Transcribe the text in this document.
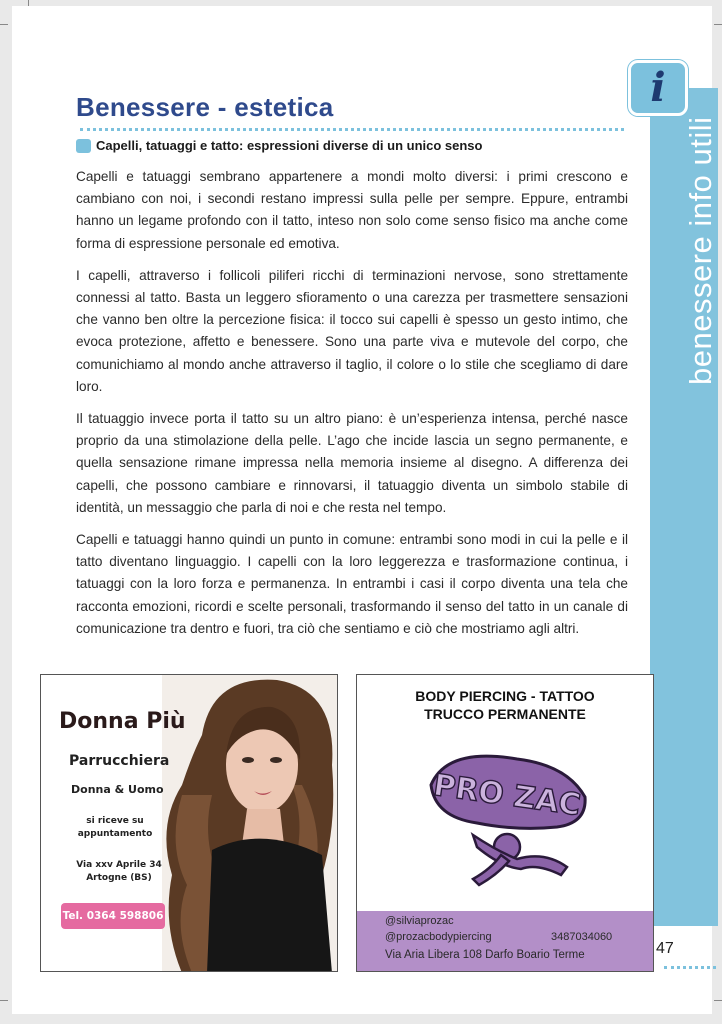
i
benessere info utili
Benessere - estetica
Capelli, tatuaggi e tatto: espressioni diverse di un unico senso

Capelli e tatuaggi sembrano appartenere a mondi molto diversi: i primi crescono e cambiano con noi, i secondi restano impressi sulla pelle per sempre. Eppure, entrambi hanno un legame profondo con il tatto, inteso non solo come senso fisico ma anche come forma di espressione personale ed emotiva.

I capelli, attraverso i follicoli piliferi ricchi di terminazioni nervose, sono strettamente connessi al tatto. Basta un leggero sfioramento o una carezza per trasmettere sensazioni che vanno ben oltre la percezione fisica: il tocco sui capelli è spesso un gesto intimo, che evoca protezione, affetto e benessere. Sono una parte viva e mutevole del corpo, che comunichiamo al mondo anche attraverso il taglio, il colore o lo stile che scegliamo di dare loro.

Il tatuaggio invece porta il tatto su un altro piano: è un’esperienza intensa, perché nasce proprio da una stimolazione della pelle. L’ago che incide lascia un segno permanente, e quella sensazione rimane impressa nella memoria insieme al disegno. A differenza dei capelli, che possono cambiare e rinnovarsi, il tatuaggio diventa un simbolo stabile di identità, un messaggio che parla di noi e che resta nel tempo.

Capelli e tatuaggi hanno quindi un punto in comune: entrambi sono modi in cui la pelle e il tatto diventano linguaggio. I capelli con la loro leggerezza e trasformazione continua, i tatuaggi con la loro forza e permanenza. In entrambi i casi il corpo diventa una tela che racconta emozioni, ricordi e scelte personali, trasformando il senso del tatto in un canale di comunicazione tra dentro e fuori, tra ciò che sentiamo e ciò che mostriamo agli altri.

Donna Più
Parrucchiera
Donna & Uomo
si riceve su appuntamento
Via xxv Aprile 34 Artogne (BS)
Tel. 0364 598806
BODY PIERCING - TATTOO
TRUCCO PERMANENTE
PRO ZAC
@silviaprozac
@prozacbodypiercing	3487034060
Via Aria Libera 108 Darfo Boario Terme	47
